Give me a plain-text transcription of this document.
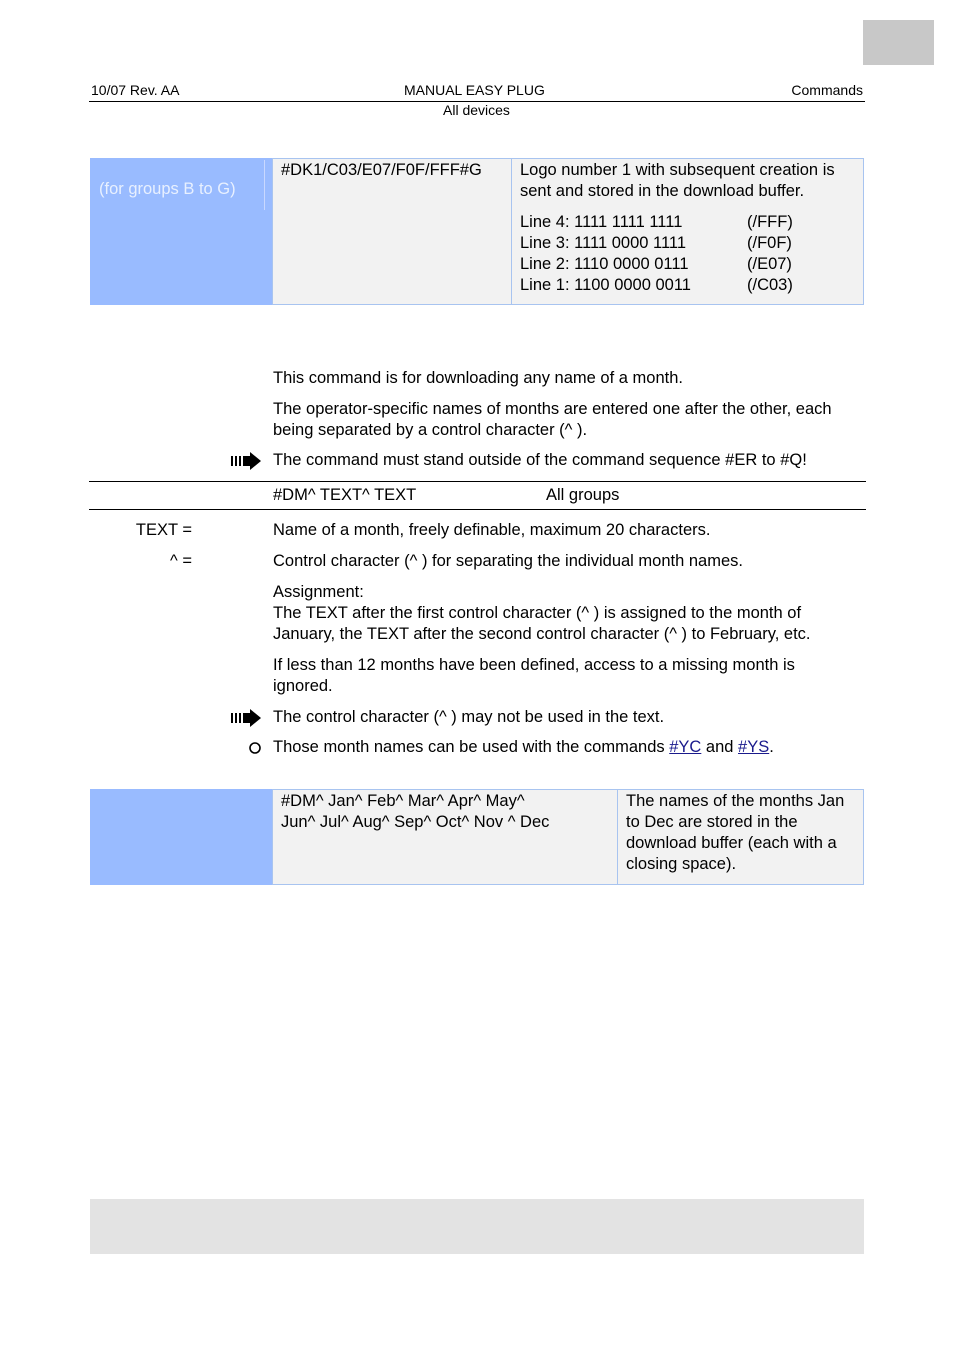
10/07 Rev. AA	MANUAL EASY PLUG	Commands
All devices
(for groups B to G)
#DK1/C03/E07/F0F/FFF#G	Logo number 1 with subsequent creation is sent and stored in the download buffer.
Line 4: 1111 1111 1111	(/FFF)
Line 3: 1111 0000 1111	(/F0F)
Line 2: 1110 0000 0111	(/E07)
Line 1: 1100 0000 0011	(/C03)
This command is for downloading any name of a month.
The operator-specific names of months are entered one after the other, each being separated by a control character (^ ).
The command must stand outside of the command sequence #ER to #Q!
#DM^ TEXT^ TEXT	All groups
TEXT =	Name of a month, freely definable, maximum 20 characters.
^ =	Control character (^ ) for separating the individual month names.
Assignment:
The TEXT after the first control character (^ ) is assigned to the month of January, the TEXT after the second control character (^ ) to February, etc.
If less than 12 months have been defined, access to a missing month is ignored.
The control character (^ ) may not be used in the text.
Those month names can be used with the commands #YC and #YS.
#DM^ Jan^ Feb^ Mar^ Apr^ May^
Jun^ Jul^ Aug^ Sep^ Oct^ Nov ^ Dec
The names of the months Jan to Dec are stored in the download buffer (each with a closing space).
